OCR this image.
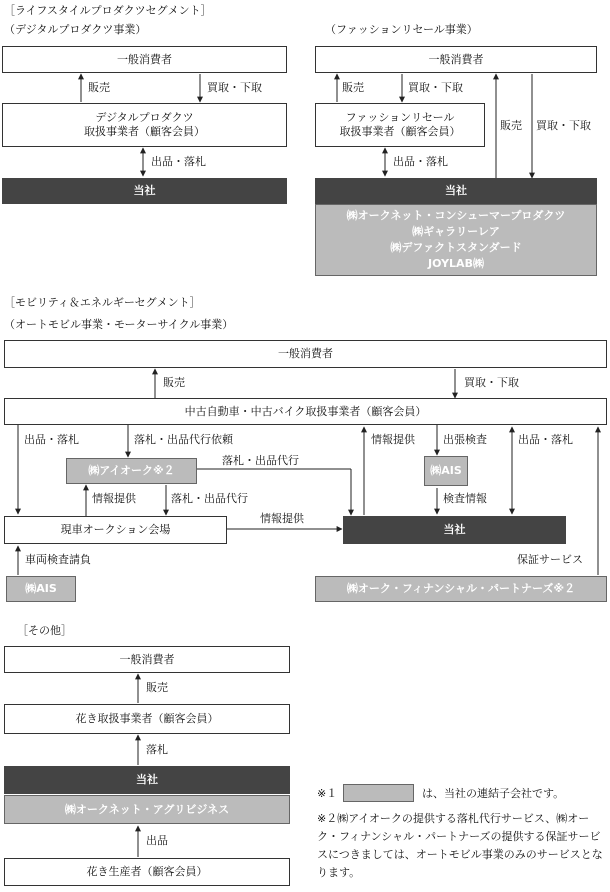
［ライフスタイルプロダクツセグメント］
（デジタルプロダクツ事業）	（ファッションリセール事業）
一般消費者
販売	買取・下取
デジタルプロダクツ
取扱事業者（顧客会員）
出品・落札
当社
一般消費者
販売	買取・下取
ファッションリセール
取扱事業者（顧客会員）	販売 買取・下取
出品・落札
当社
㈱オークネット・コンシューマープロダクツ
㈱ギャラリーレア
㈱デファクトスタンダード
JOYLAB㈱
［モビリティ＆エネルギーセグメント］
（オートモビル事業・モーターサイクル事業）
一般消費者
販売	買取・下取
中古自動車・中古バイク取扱事業者（顧客会員）
出品・落札	落札・出品代行依頼
㈱アイオーク※２
落札・出品代行
情報提供	落札・出品代行
現車オークション会場
情報提供
情報提供	出張検査
㈱AIS
検査情報
出品・落札
当社
車両検査請負
㈱AIS
保証サービス
㈱オーク・フィナンシャル・パートナーズ※２
［その他］
一般消費者
販売
花き取扱事業者（顧客会員）
落札
当社
㈱オークネット・アグリビジネス
出品
花き生産者（顧客会員）
※１	は、当社の連結子会社です。
※２㈱アイオークの提供する落札代行サービス、㈱オーク・フィナンシャル・パートナーズの提供する保証サービスにつきましては、オートモビル事業のみのサービスとなります。
